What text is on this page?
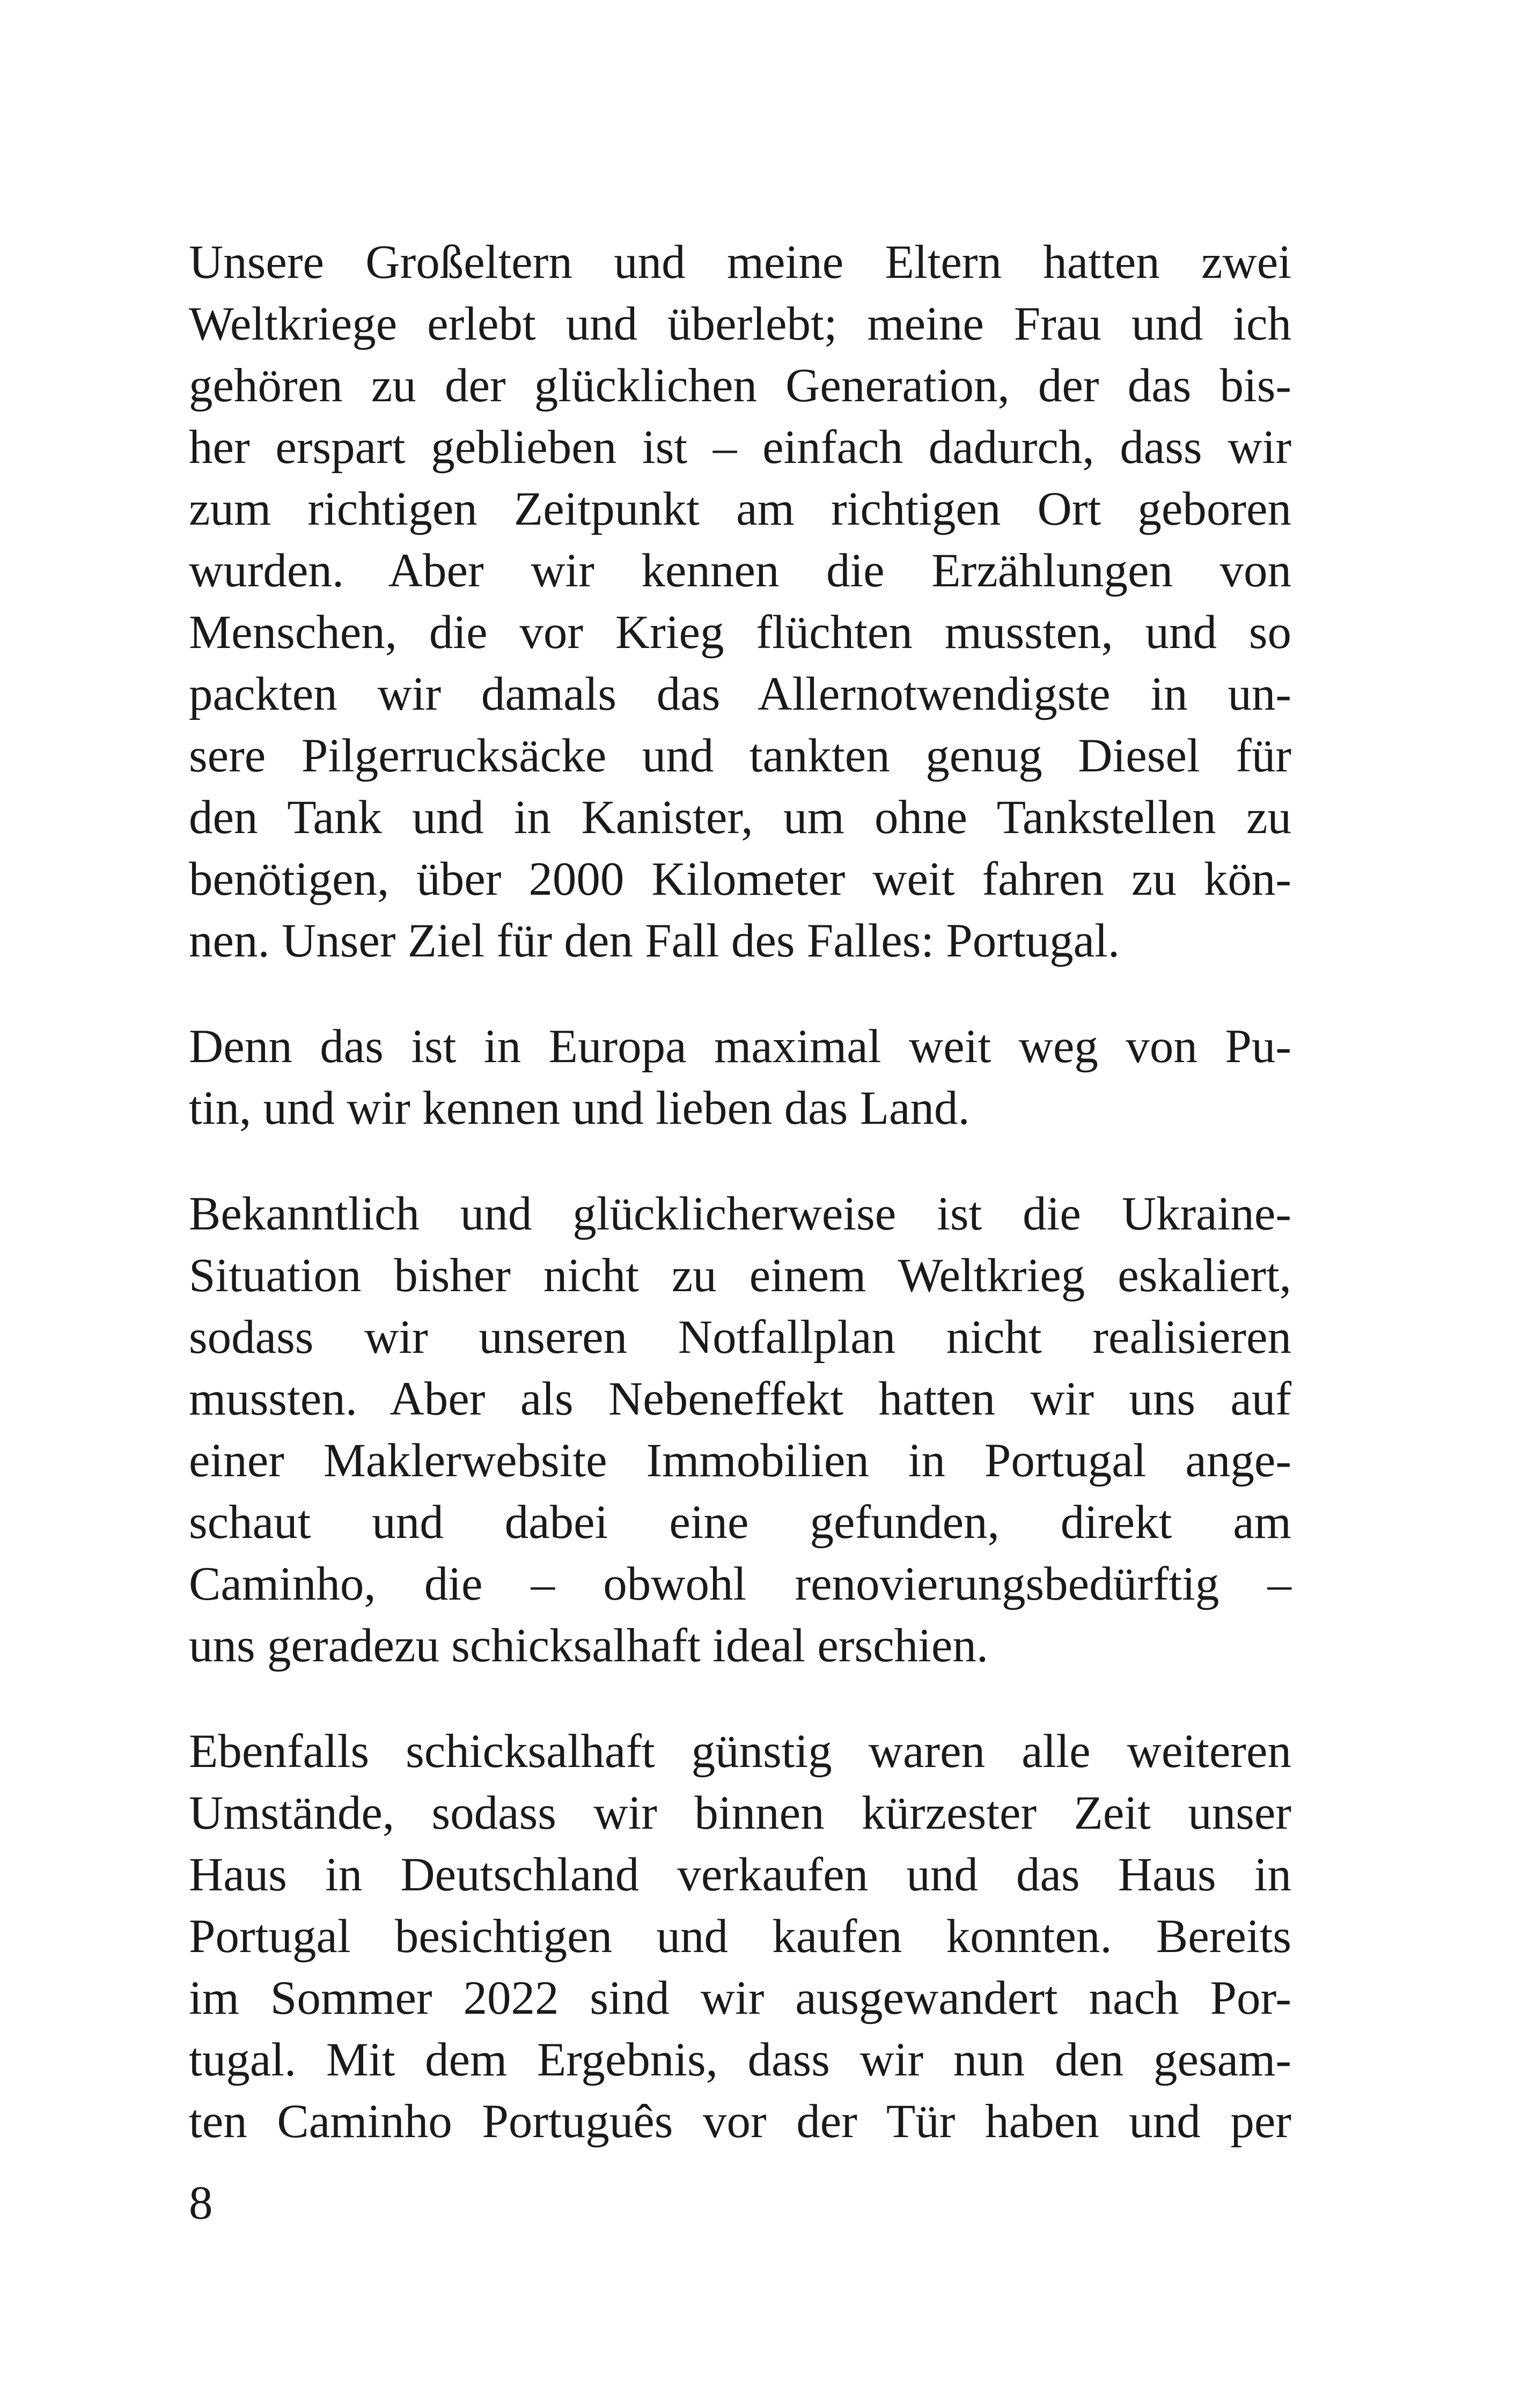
Unsere Großeltern und meine Eltern hatten zwei
Weltkriege erlebt und überlebt; meine Frau und ich
gehören zu der glücklichen Generation, der das bis-
her erspart geblieben ist – einfach dadurch, dass wir
zum richtigen Zeitpunkt am richtigen Ort geboren
wurden. Aber wir kennen die Erzählungen von
Menschen, die vor Krieg flüchten mussten, und so
packten wir damals das Allernotwendigste in un-
sere Pilgerrucksäcke und tankten genug Diesel für
den Tank und in Kanister, um ohne Tankstellen zu
benötigen, über 2000 Kilometer weit fahren zu kön-
nen. Unser Ziel für den Fall des Falles: Portugal.

Denn das ist in Europa maximal weit weg von Pu-
tin, und wir kennen und lieben das Land.

Bekanntlich und glücklicherweise ist die Ukraine-
Situation bisher nicht zu einem Weltkrieg eskaliert,
sodass wir unseren Notfallplan nicht realisieren
mussten. Aber als Nebeneffekt hatten wir uns auf
einer Maklerwebsite Immobilien in Portugal ange-
schaut und dabei eine gefunden, direkt am
Caminho, die – obwohl renovierungsbedürftig –
uns geradezu schicksalhaft ideal erschien.

Ebenfalls schicksalhaft günstig waren alle weiteren
Umstände, sodass wir binnen kürzester Zeit unser
Haus in Deutschland verkaufen und das Haus in
Portugal besichtigen und kaufen konnten. Bereits
im Sommer 2022 sind wir ausgewandert nach Por-
tugal. Mit dem Ergebnis, dass wir nun den gesam-
ten Caminho Português vor der Tür haben und per

8
